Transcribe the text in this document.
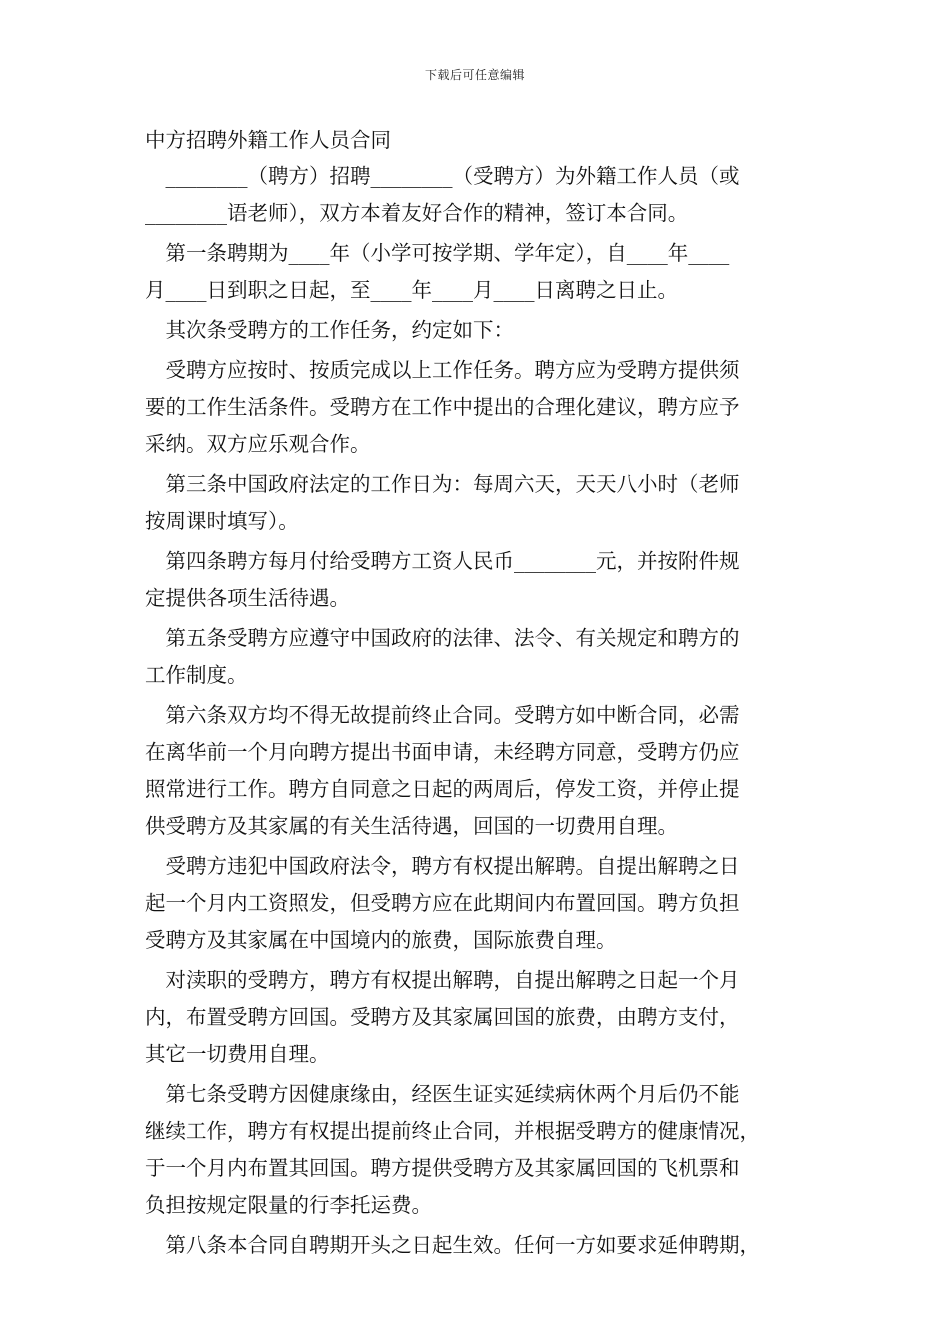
下载后可任意编辑
中方招聘外籍工作人员合同
　________（聘方）招聘________（受聘方）为外籍工作人员（或
________语老师），双方本着友好合作的精神，签订本合同。
　第一条聘期为____年（小学可按学期、学年定），自____年____
月____日到职之日起，至____年____月____日离聘之日止。
　其次条受聘方的工作任务，约定如下：
　受聘方应按时、按质完成以上工作任务。聘方应为受聘方提供须
要的工作生活条件。受聘方在工作中提出的合理化建议，聘方应予
采纳。双方应乐观合作。
　第三条中国政府法定的工作日为：每周六天，天天八小时（老师
按周课时填写）。
　第四条聘方每月付给受聘方工资人民币________元，并按附件规
定提供各项生活待遇。
　第五条受聘方应遵守中国政府的法律、法令、有关规定和聘方的
工作制度。
　第六条双方均不得无故提前终止合同。受聘方如中断合同，必需
在离华前一个月向聘方提出书面申请，未经聘方同意，受聘方仍应
照常进行工作。聘方自同意之日起的两周后，停发工资，并停止提
供受聘方及其家属的有关生活待遇，回国的一切费用自理。
　受聘方违犯中国政府法令，聘方有权提出解聘。自提出解聘之日
起一个月内工资照发，但受聘方应在此期间内布置回国。聘方负担
受聘方及其家属在中国境内的旅费，国际旅费自理。
　对渎职的受聘方，聘方有权提出解聘，自提出解聘之日起一个月
内，布置受聘方回国。受聘方及其家属回国的旅费，由聘方支付，
其它一切费用自理。
　第七条受聘方因健康缘由，经医生证实延续病休两个月后仍不能
继续工作，聘方有权提出提前终止合同，并根据受聘方的健康情况，
于一个月内布置其回国。聘方提供受聘方及其家属回国的飞机票和
负担按规定限量的行李托运费。
　第八条本合同自聘期开头之日起生效。任何一方如要求延伸聘期，
